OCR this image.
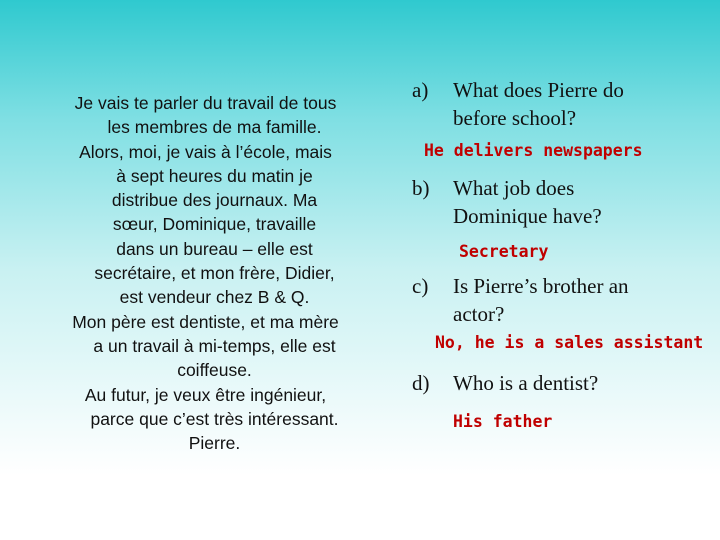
Je vais te parler du travail de tous
les membres de ma famille.
Alors, moi, je vais à l’école, mais
à sept heures du matin je
distribue des journaux. Ma
sœur, Dominique, travaille
dans un bureau – elle est
secrétaire, et mon frère, Didier,
est vendeur chez B & Q.
Mon père est dentiste, et ma mère
a un travail à mi-temps, elle est
coiffeuse.
Au futur, je veux être ingénieur,
parce que c’est très intéressant.
Pierre.
a) What does Pierre do
before school?
He delivers newspapers
b) What job does
Dominique have?
Secretary
c) Is Pierre’s brother an
actor?
No, he is a sales assistant
d) Who is a dentist?
His father
